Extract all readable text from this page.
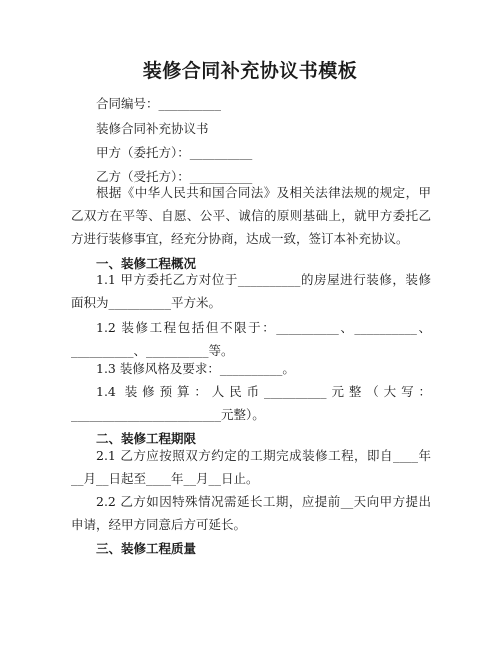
装修合同补充协议书模板
合同编号：__________
装修合同补充协议书
甲方（委托方）：__________
乙方（受托方）：__________
根据《中华人民共和国合同法》及相关法律法规的规定，甲乙双方在平等、自愿、公平、诚信的原则基础上，就甲方委托乙方进行装修事宜，经充分协商，达成一致，签订本补充协议。
一、装修工程概况
1.1 甲方委托乙方对位于__________的房屋进行装修，装修面积为__________平方米。
1.2 装修工程包括但不限于：__________、__________、__________、__________等。
1.3 装修风格及要求：__________。
1.4 装修预算：人民币__________元整（大写：________________________元整）。
二、装修工程期限
2.1 乙方应按照双方约定的工期完成装修工程，即自____年__月__日起至____年__月__日止。
2.2 乙方如因特殊情况需延长工期，应提前__天向甲方提出申请，经甲方同意后方可延长。
三、装修工程质量
